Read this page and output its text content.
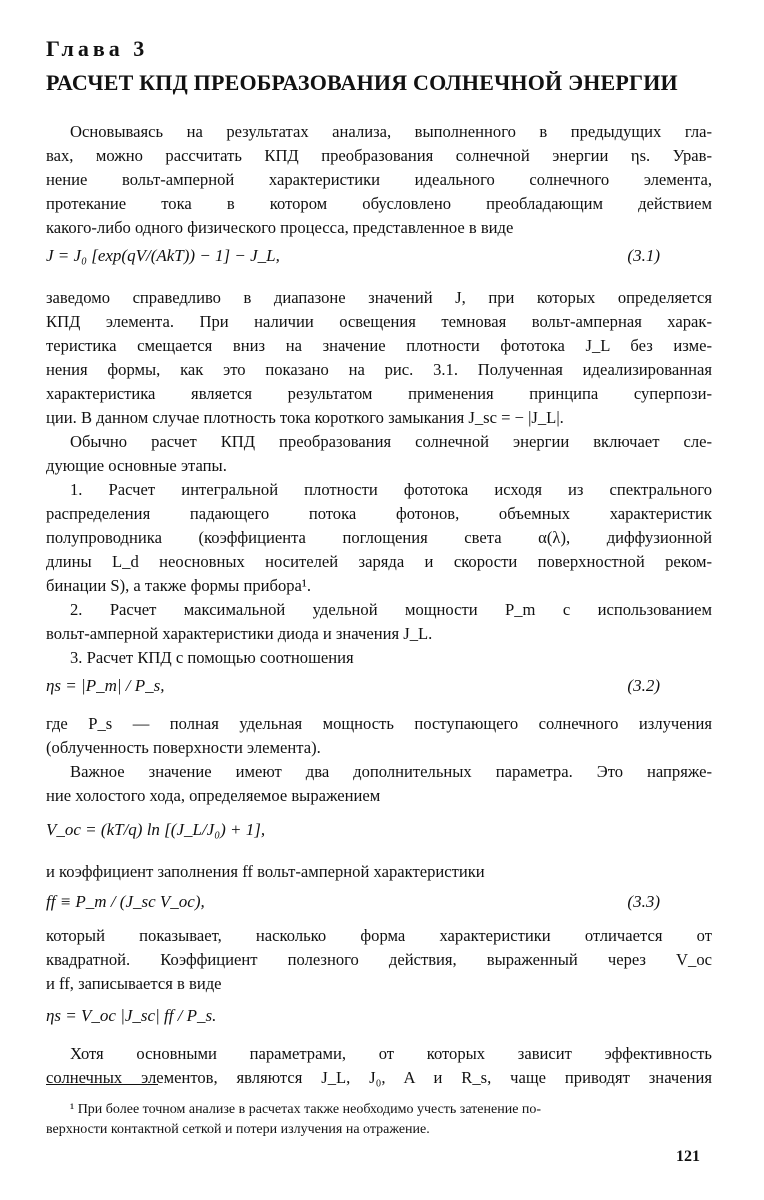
Глава 3
РАСЧЕТ КПД ПРЕОБРАЗОВАНИЯ СОЛНЕЧНОЙ ЭНЕРГИИ
Основываясь на результатах анализа, выполненного в предыдущих гла-
вах, можно рассчитать КПД преобразования солнечной энергии ηs. Урав-
нение вольт-амперной характеристики идеального солнечного элемента,
протекание тока в котором обусловлено преобладающим действием
какого-либо одного физического процесса, представленное в виде
J = J₀ [exp(qV/(AkT)) − 1] − J_L,	(3.1)
заведомо справедливо в диапазоне значений J, при которых определяется
КПД элемента. При наличии освещения темновая вольт-амперная харак-
теристика смещается вниз на значение плотности фототока J_L без изме-
нения формы, как это показано на рис. 3.1. Полученная идеализированная
характеристика является результатом применения принципа суперпози-
ции. В данном случае плотность тока короткого замыкания J_sc = − |J_L|.
Обычно расчет КПД преобразования солнечной энергии включает сле-
дующие основные этапы.
1. Расчет интегральной плотности фототока исходя из спектрального
распределения падающего потока фотонов, объемных характеристик
полупроводника (коэффициента поглощения света α(λ), диффузионной
длины L_d неосновных носителей заряда и скорости поверхностной реком-
бинации S), а также формы прибора¹.
2. Расчет максимальной удельной мощности P_m с использованием
вольт-амперной характеристики диода и значения J_L.
3. Расчет КПД с помощью соотношения
ηs = |P_m| / P_s,	(3.2)
где P_s — полная удельная мощность поступающего солнечного излучения
(облученность поверхности элемента).
Важное значение имеют два дополнительных параметра. Это напряже-
ние холостого хода, определяемое выражением
V_oc = (kT/q) ln [(J_L/J₀) + 1],
и коэффициент заполнения ff вольт-амперной характеристики
ff ≡ P_m / (J_sc V_oc),	(3.3)
который показывает, насколько форма характеристики отличается от
квадратной. Коэффициент полезного действия, выраженный через V_oc
и ff, записывается в виде
ηs = V_oc |J_sc| ff / P_s.
Хотя основными параметрами, от которых зависит эффективность
солнечных элементов, являются J_L, J₀, A и R_s, чаще приводят значения
¹ При более точном анализе в расчетах также необходимо учесть затенение по-
верхности контактной сеткой и потери излучения на отражение.
121
